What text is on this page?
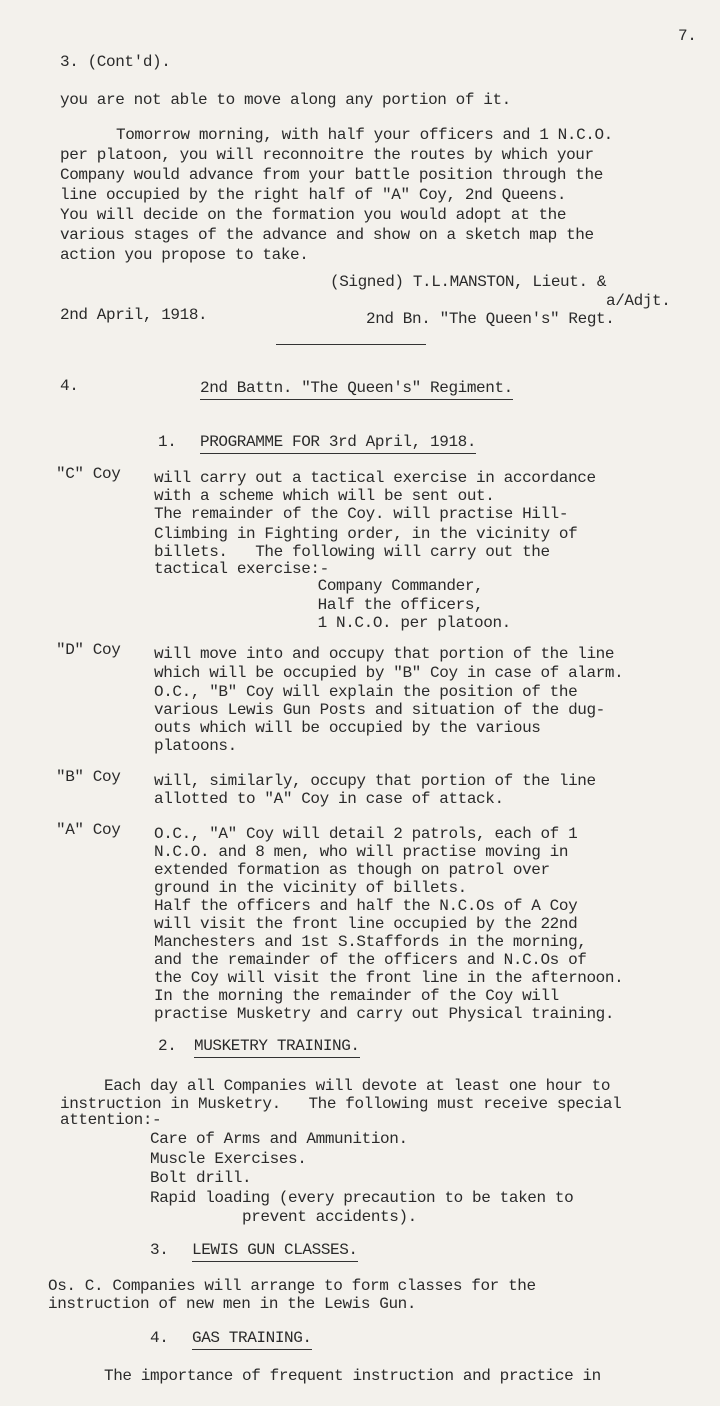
7.
3. (Cont'd).
you are not able to move along any portion of it.
Tomorrow morning, with half your officers and 1 N.C.O.
per platoon, you will reconnoitre the routes by which your
Company would advance from your battle position through the
line occupied by the right half of "A" Coy, 2nd Queens.
You will decide on the formation you would adopt at the
various stages of the advance and show on a sketch map the
action you propose to take.
(Signed) T.L.MANSTON, Lieut. &
a/Adjt.
2nd April, 1918.	2nd Bn. "The Queen's" Regt.
4.	2nd Battn. "The Queen's" Regiment.
1. PROGRAMME FOR 3rd April, 1918.
"C" Coy will carry out a tactical exercise in accordance
with a scheme which will be sent out.
The remainder of the Coy. will practise Hill-
Climbing in Fighting order, in the vicinity of
billets.   The following will carry out the
tactical exercise:-
Company Commander,
Half the officers,
1 N.C.O. per platoon.
"D" Coy will move into and occupy that portion of the line
which will be occupied by "B" Coy in case of alarm.
O.C., "B" Coy will explain the position of the
various Lewis Gun Posts and situation of the dug-
outs which will be occupied by the various
platoons.
"B" Coy will, similarly, occupy that portion of the line
allotted to "A" Coy in case of attack.
"A" Coy O.C., "A" Coy will detail 2 patrols, each of 1
N.C.O. and 8 men, who will practise moving in
extended formation as though on patrol over
ground in the vicinity of billets.
Half the officers and half the N.C.Os of A Coy
will visit the front line occupied by the 22nd
Manchesters and 1st S.Staffords in the morning,
and the remainder of the officers and N.C.Os of
the Coy will visit the front line in the afternoon.
In the morning the remainder of the Coy will
practise Musketry and carry out Physical training.
2. MUSKETRY TRAINING.
Each day all Companies will devote at least one hour to
instruction in Musketry.   The following must receive special
attention:-
Care of Arms and Ammunition.
Muscle Exercises.
Bolt drill.
Rapid loading (every precaution to be taken to
prevent accidents).
3. LEWIS GUN CLASSES.
Os. C. Companies will arrange to form classes for the
instruction of new men in the Lewis Gun.
4. GAS TRAINING.
The importance of frequent instruction and practice in
